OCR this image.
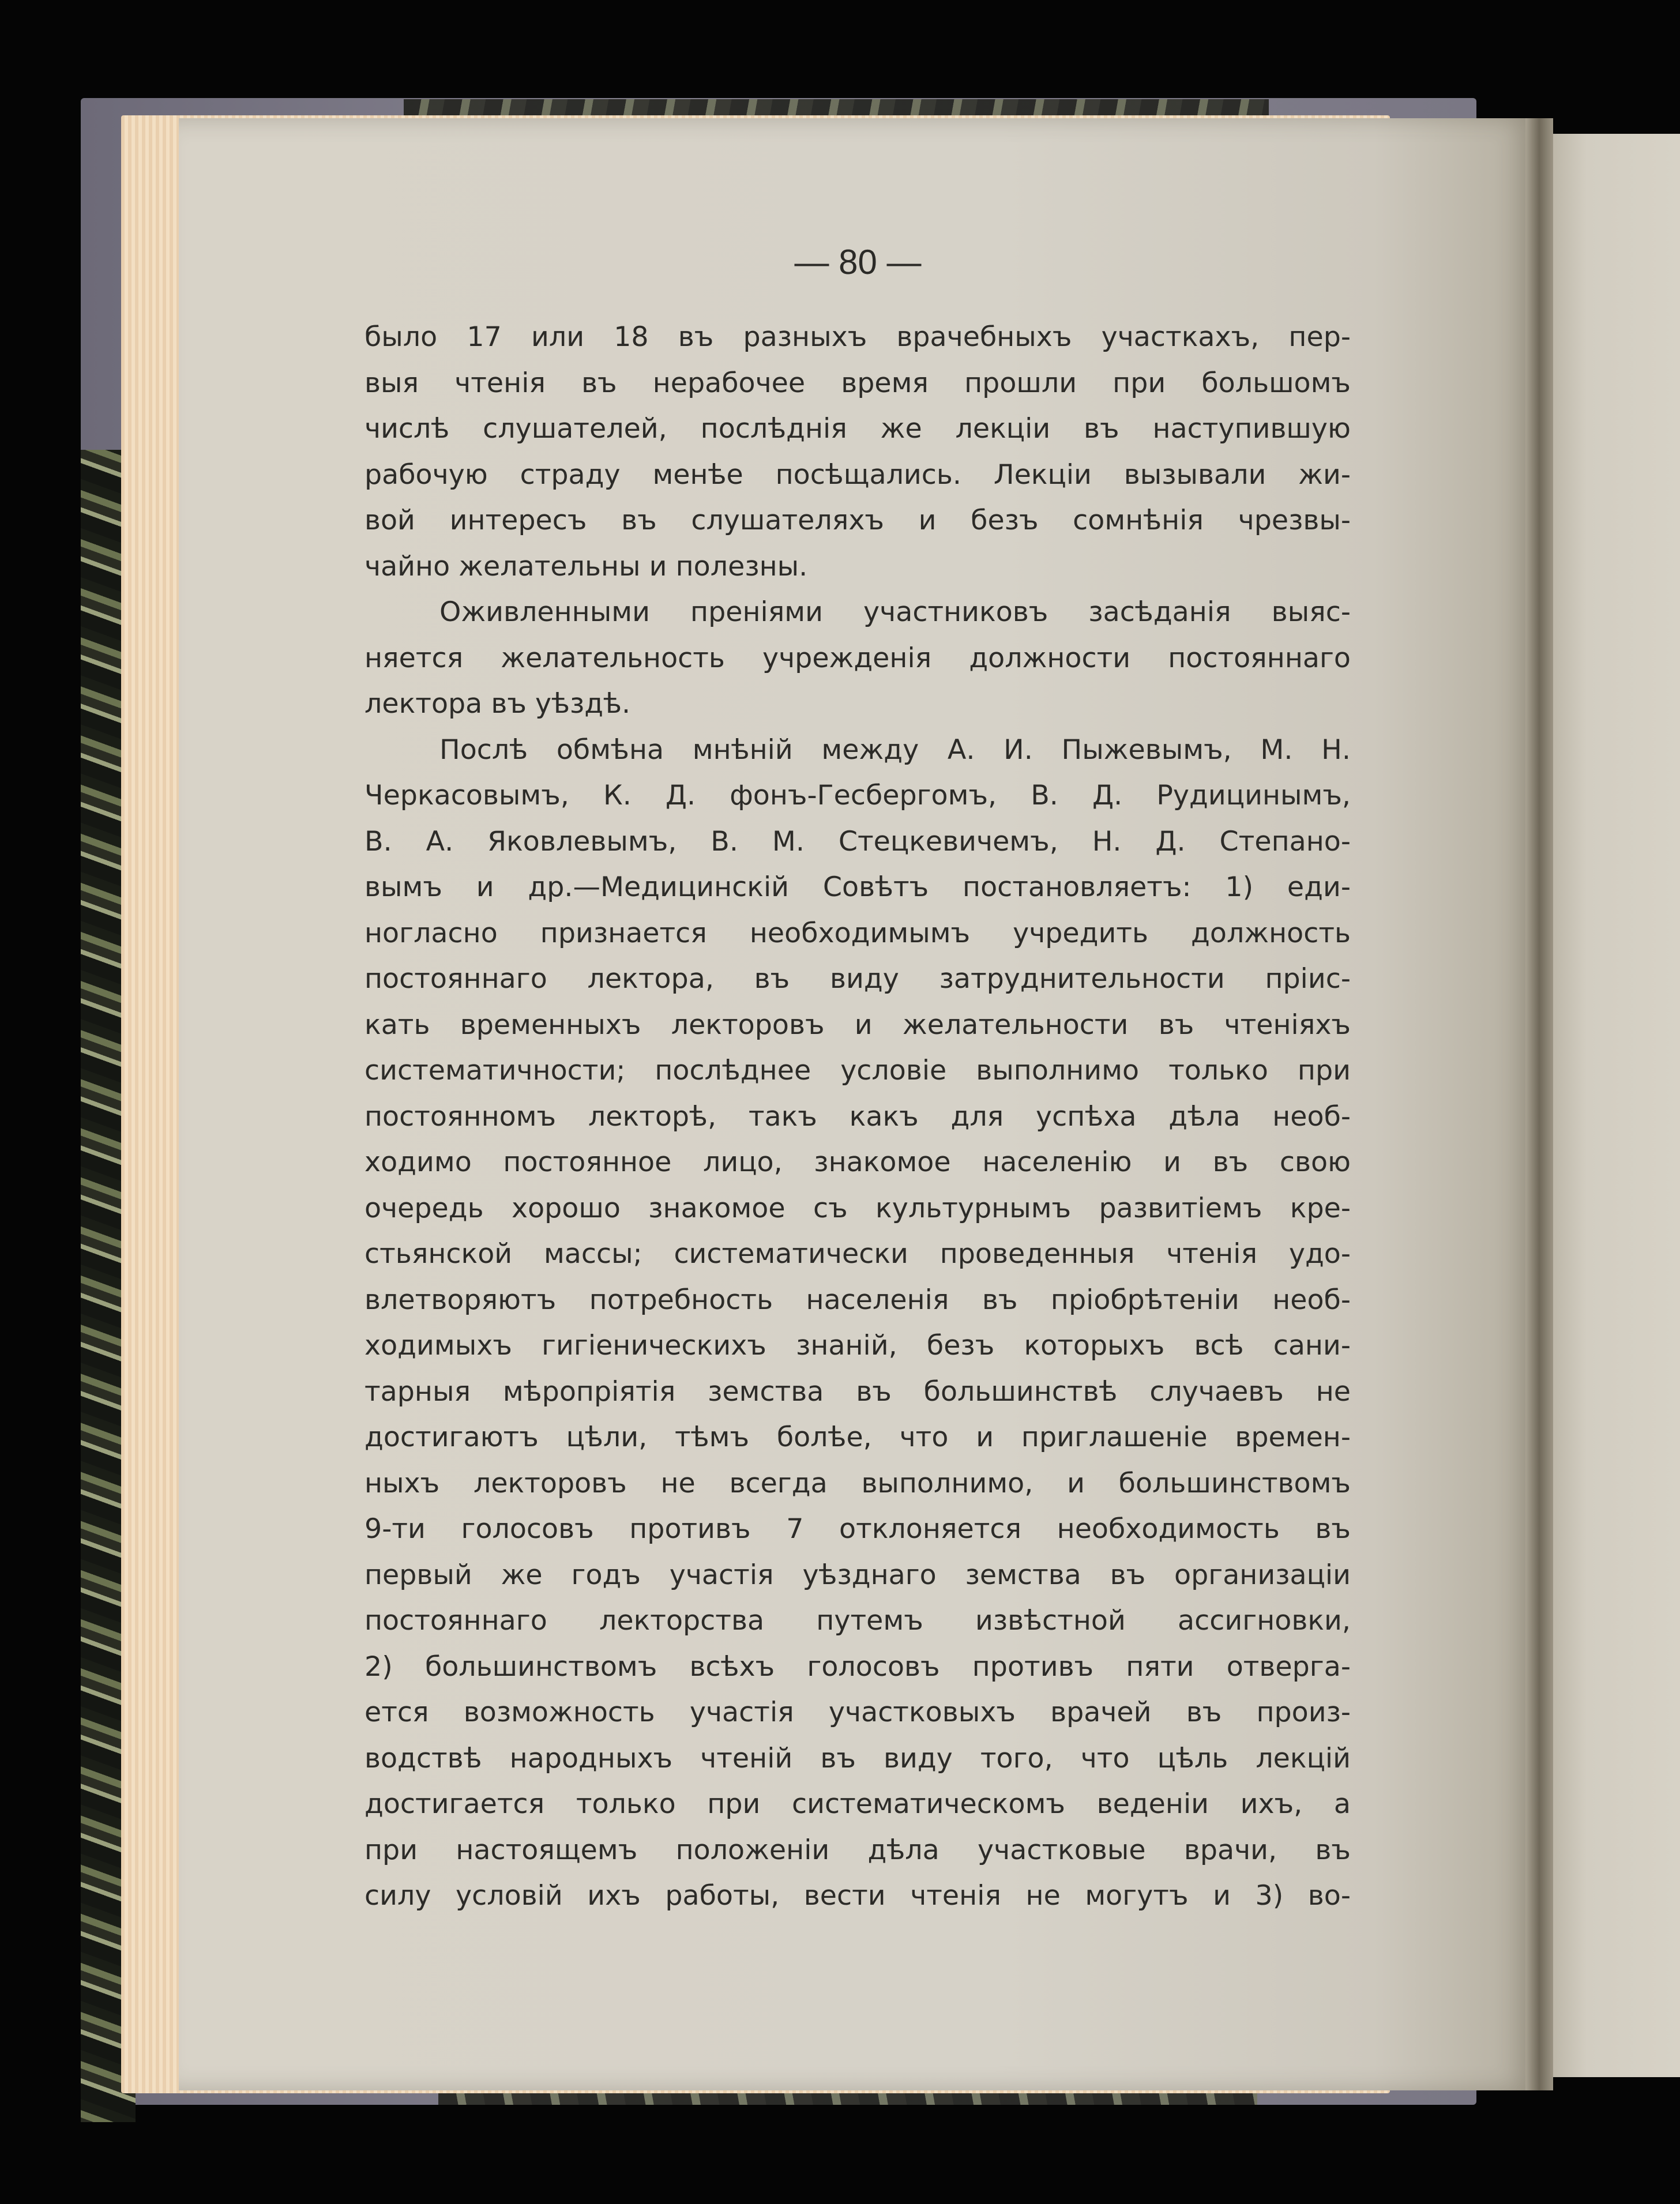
— 80 —
было 17 или 18 въ разныхъ врачебныхъ участкахъ, пер-
выя чтенія въ нерабочее время прошли при большомъ
числѣ слушателей, послѣднія же лекціи въ наступившую
рабочую страду менѣе посѣщались. Лекціи вызывали жи-
вой интересъ въ слушателяхъ и безъ сомнѣнія чрезвы-
чайно желательны и полезны.
Оживленными преніями участниковъ засѣданія выяс-
няется желательность учрежденія должности постояннаго
лектора въ уѣздѣ.
Послѣ обмѣна мнѣній между А. И. Пыжевымъ, М. Н.
Черкасовымъ, К. Д. фонъ-Гесбергомъ, В. Д. Рудицинымъ,
В. А. Яковлевымъ, В. М. Стецкевичемъ, Н. Д. Степано-
вымъ и др.—Медицинскій Совѣтъ постановляетъ: 1) еди-
ногласно признается необходимымъ учредить должность
постояннаго лектора, въ виду затруднительности пріис-
кать временныхъ лекторовъ и желательности въ чтеніяхъ
систематичности; послѣднее условіе выполнимо только при
постоянномъ лекторѣ, такъ какъ для успѣха дѣла необ-
ходимо постоянное лицо, знакомое населенію и въ свою
очередь хорошо знакомое съ культурнымъ развитіемъ кре-
стьянской массы; систематически проведенныя чтенія удо-
влетворяютъ потребность населенія въ пріобрѣтеніи необ-
ходимыхъ гигіеническихъ знаній, безъ которыхъ всѣ сани-
тарныя мѣропріятія земства въ большинствѣ случаевъ не
достигаютъ цѣли, тѣмъ болѣе, что и приглашеніе времен-
ныхъ лекторовъ не всегда выполнимо, и большинствомъ
9-ти голосовъ противъ 7 отклоняется необходимость въ
первый же годъ участія уѣзднаго земства въ организаціи
постояннаго лекторства путемъ извѣстной ассигновки,
2) большинствомъ всѣхъ голосовъ противъ пяти отверга-
ется возможность участія участковыхъ врачей въ произ-
водствѣ народныхъ чтеній въ виду того, что цѣль лекцій
достигается только при систематическомъ веденіи ихъ, а
при настоящемъ положеніи дѣла участковые врачи, въ
силу условій ихъ работы, вести чтенія не могутъ и 3) во-
